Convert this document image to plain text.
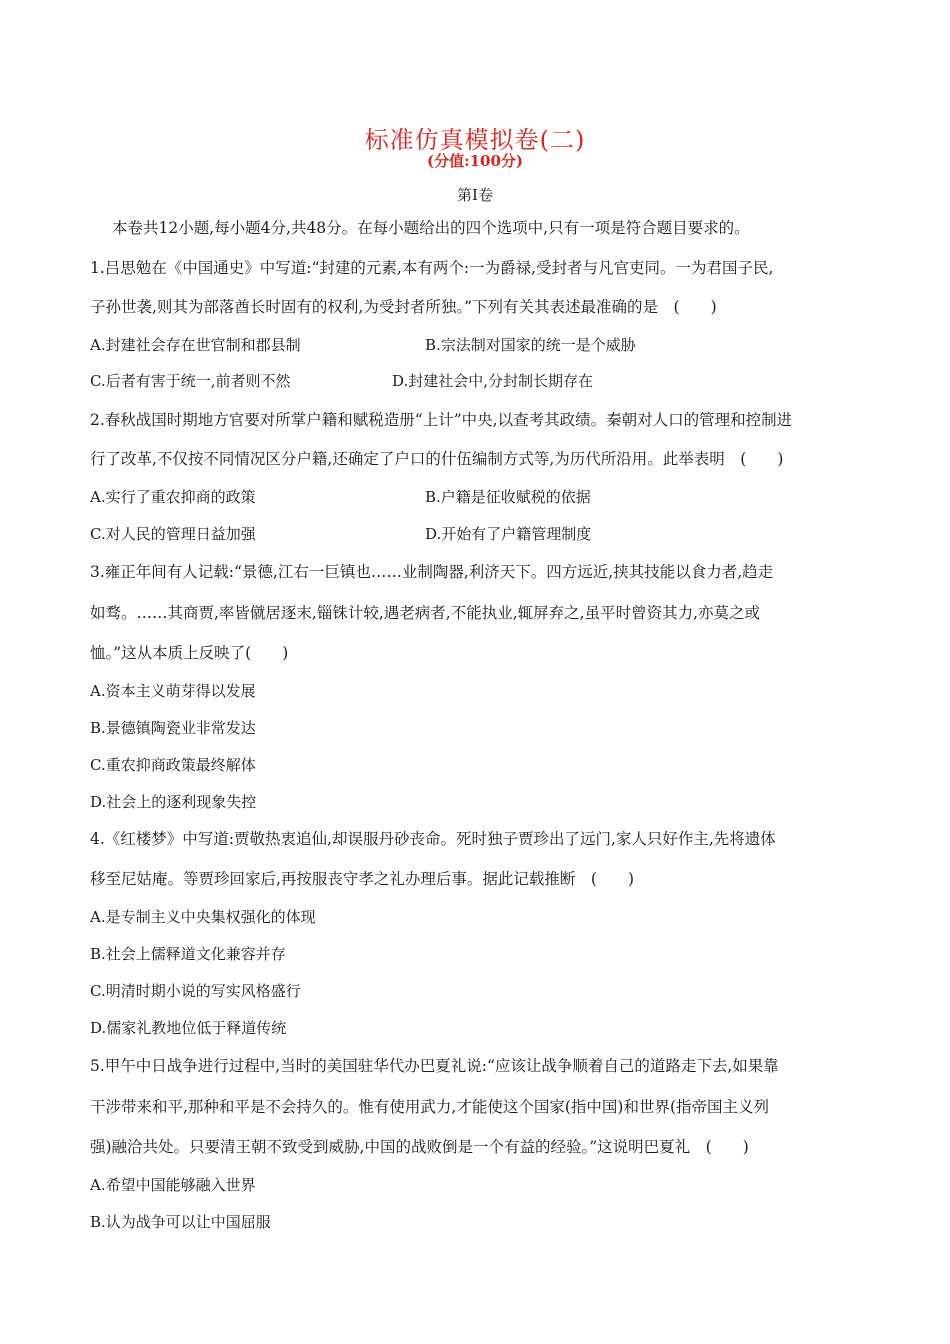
标准仿真模拟卷(二)
(分值:100分)
第Ⅰ卷
本卷共12小题,每小题4分,共48分。在每小题给出的四个选项中,只有一项是符合题目要求的。
1.吕思勉在《中国通史》中写道:“封建的元素,本有两个:一为爵禄,受封者与凡官吏同。一为君国子民,
子孙世袭,则其为部落酋长时固有的权利,为受封者所独。”下列有关其表述最准确的是　(　　)
A.封建社会存在世官制和郡县制	B.宗法制对国家的统一是个威胁
C.后者有害于统一,前者则不然	D.封建社会中,分封制长期存在
2.春秋战国时期地方官要对所掌户籍和赋税造册“上计”中央,以查考其政绩。秦朝对人口的管理和控制进
行了改革,不仅按不同情况区分户籍,还确定了户口的什伍编制方式等,为历代所沿用。此举表明　(　　)
A.实行了重农抑商的政策	B.户籍是征收赋税的依据
C.对人民的管理日益加强	D.开始有了户籍管理制度
3.雍正年间有人记载:“景德,江右一巨镇也……业制陶器,利济天下。四方远近,挟其技能以食力者,趋走
如骛。……其商贾,率皆僦居逐末,锱铢计较,遇老病者,不能执业,辄屏弃之,虽平时曾资其力,亦莫之或
恤。”这从本质上反映了(　　)
A.资本主义萌芽得以发展
B.景德镇陶瓷业非常发达
C.重农抑商政策最终解体
D.社会上的逐利现象失控
4.《红楼梦》中写道:贾敬热衷追仙,却误服丹砂丧命。死时独子贾珍出了远门,家人只好作主,先将遗体
移至尼姑庵。等贾珍回家后,再按服丧守孝之礼办理后事。据此记载推断　(　　)
A.是专制主义中央集权强化的体现
B.社会上儒释道文化兼容并存
C.明清时期小说的写实风格盛行
D.儒家礼教地位低于释道传统
5.甲午中日战争进行过程中,当时的美国驻华代办巴夏礼说:“应该让战争顺着自己的道路走下去,如果靠
干涉带来和平,那种和平是不会持久的。惟有使用武力,才能使这个国家(指中国)和世界(指帝国主义列
强)融洽共处。只要清王朝不致受到威胁,中国的战败倒是一个有益的经验。”这说明巴夏礼　(　　)
A.希望中国能够融入世界
B.认为战争可以让中国屈服
